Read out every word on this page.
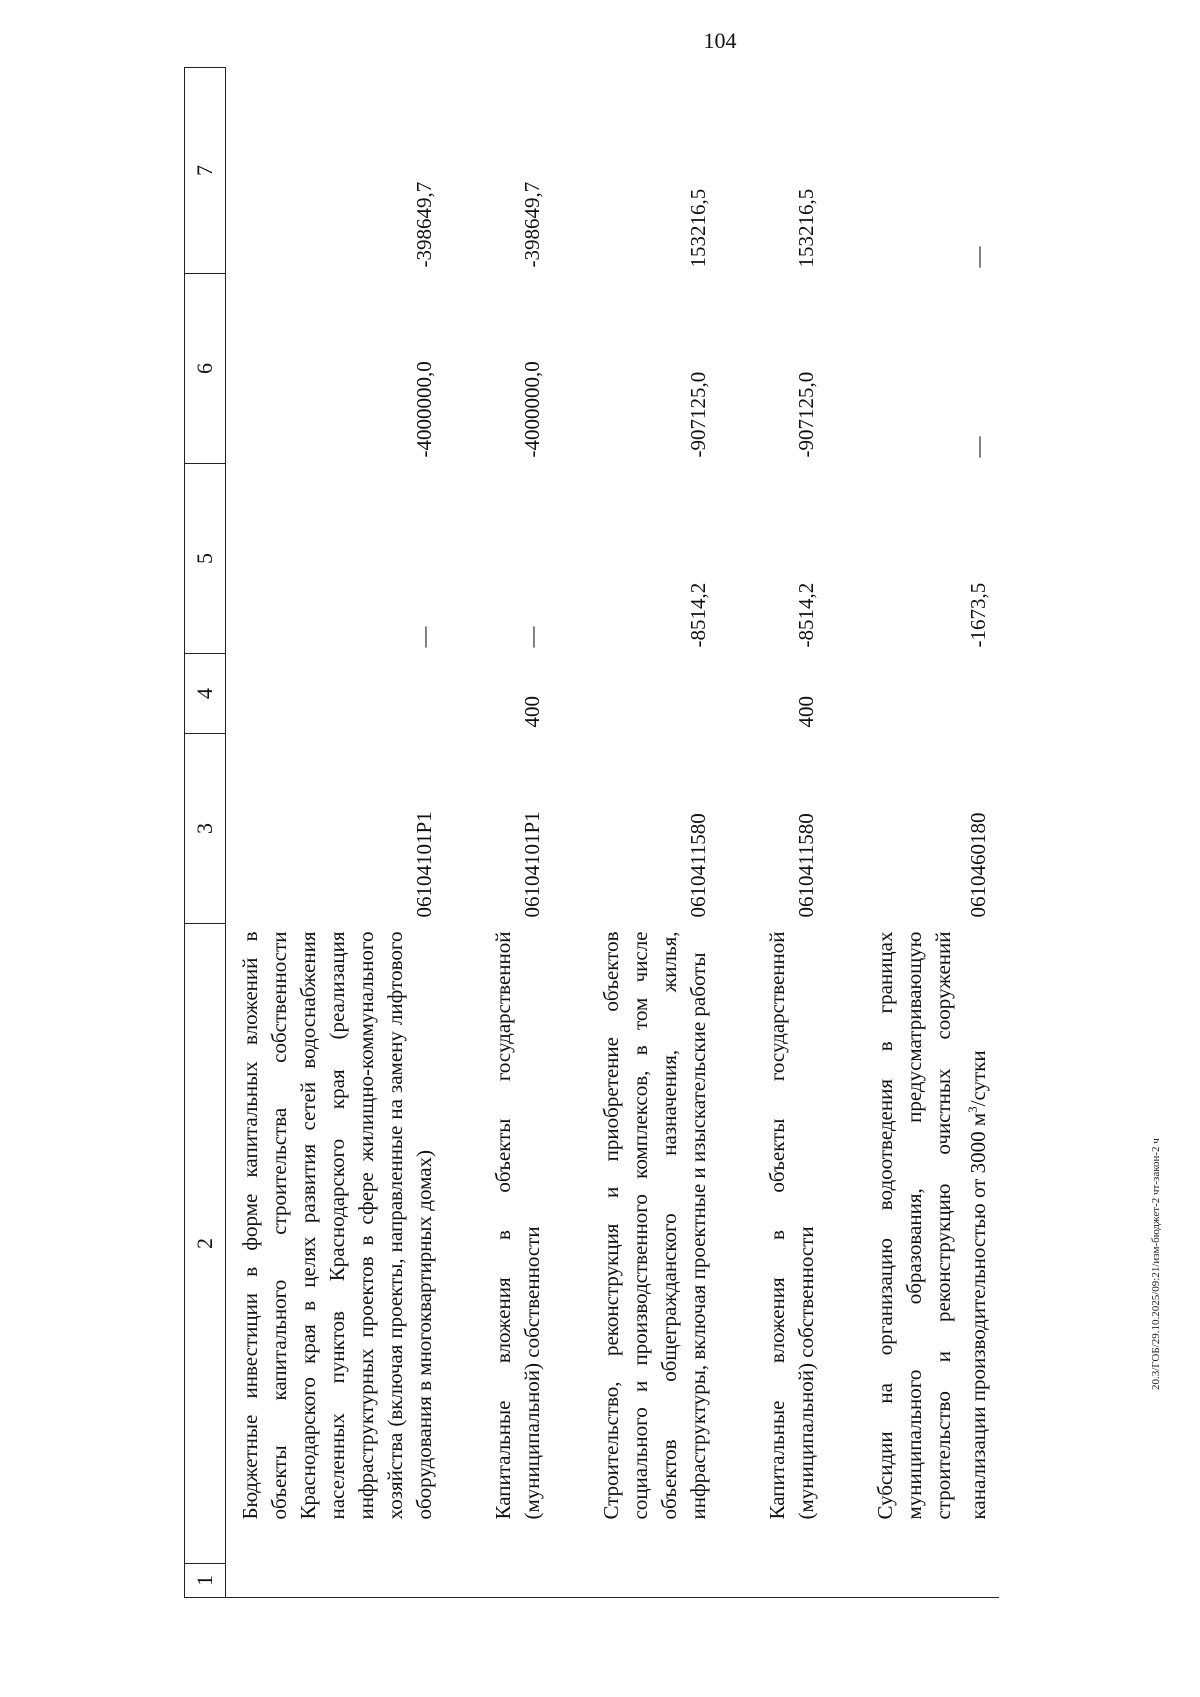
104
1	2	3	4	5	6	7
	Бюджетные инвестиции в форме капитальных вложений в объекты капитального строительства собственности Краснодарского края в целях развития сетей водоснабжения населенных пунктов Краснодарского края (реализация инфраструктурных проектов в сфере жилищно-коммунального хозяйства (включая проекты, направленные на замену лифтового оборудования в многоквартирных домах)	06104101Р1		—	-4000000,0	-398649,7

	Капитальные вложения в объекты государственной (муниципальной) собственности	06104101Р1	400	—	-4000000,0	-398649,7

	Строительство, реконструкция и приобретение объектов социального и производственного комплексов, в том числе объектов общегражданского назначения, жилья, инфраструктуры, включая проектные и изыскательские работы	0610411580		-8514,2	-907125,0	153216,5

	Капитальные вложения в объекты государственной (муниципальной) собственности	0610411580	400	-8514,2	-907125,0	153216,5

	Субсидии на организацию водоотведения в границах муниципального образования, предусматривающую строительство и реконструкцию очистных сооружений канализации производительностью от 3000 $м^3$/сутки	0610460180		-1673,5	—	—
20.3/ГОБ/29.10.2025/09:21/изм-бюджет-2 чт-закон-2 ч
